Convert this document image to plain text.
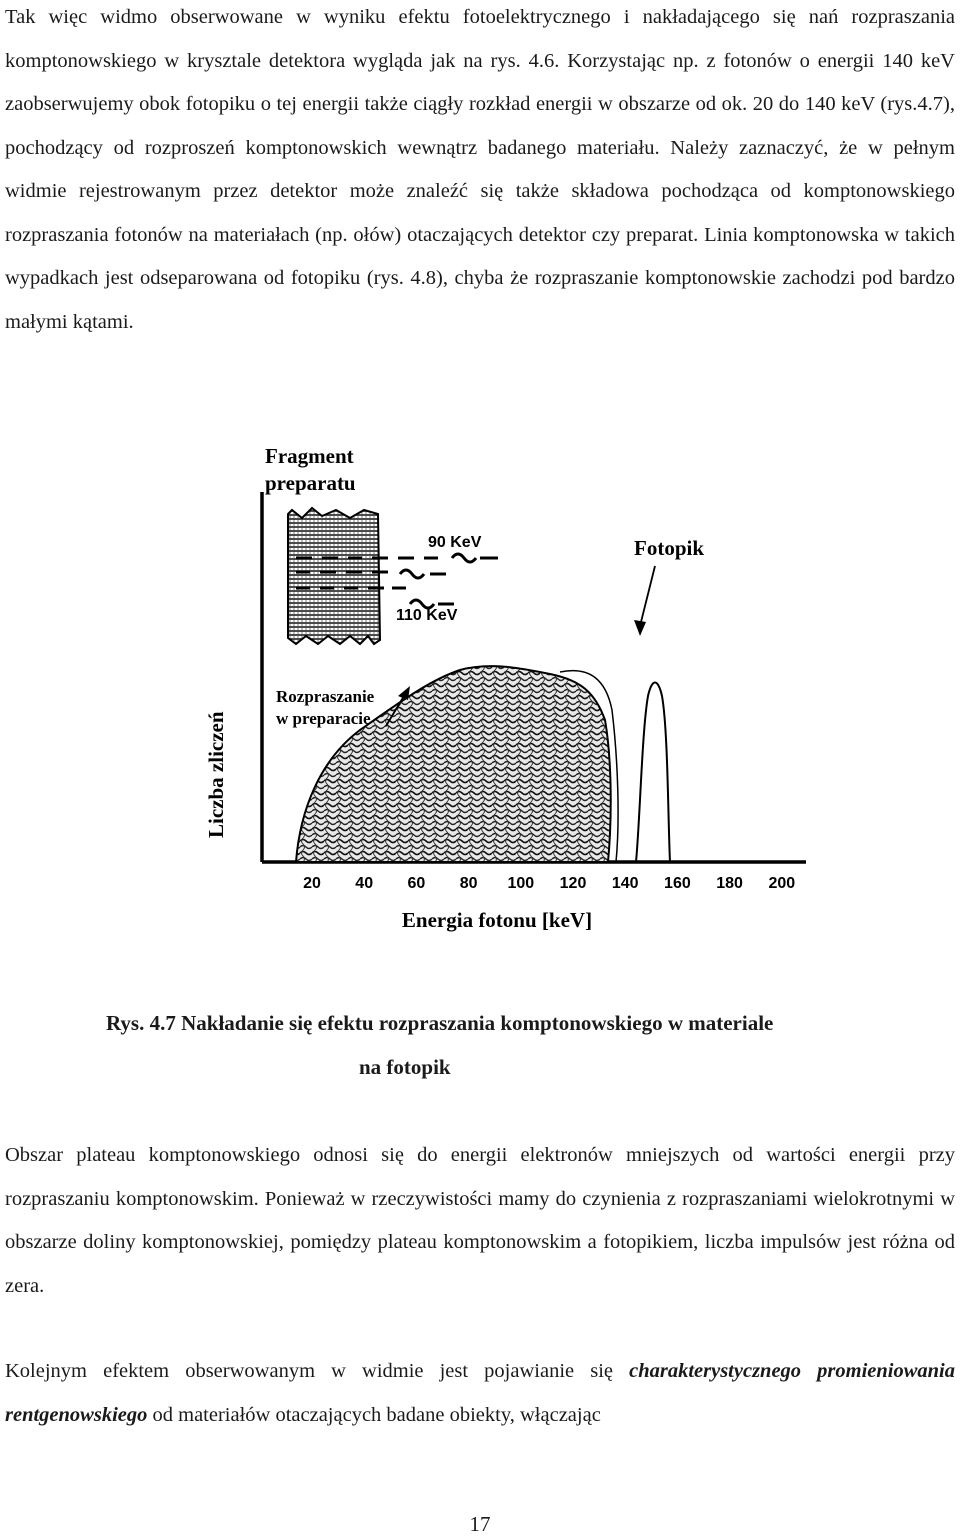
Tak więc widmo obserwowane w wyniku efektu fotoelektrycznego i nakładającego się nań rozpraszania komptonowskiego w krysztale detektora wygląda jak na rys. 4.6. Korzystając np. z fotonów o energii 140 keV zaobserwujemy obok fotopiku o tej energii także ciągły rozkład energii w obszarze od ok. 20 do 140 keV (rys.4.7), pochodzący od rozproszeń komptonowskich wewnątrz badanego materiału. Należy zaznaczyć, że w pełnym widmie rejestrowanym przez detektor może znaleźć się także składowa pochodząca od komptonowskiego rozpraszania fotonów na materiałach (np. ołów) otaczających detektor czy preparat. Linia komptonowska w takich wypadkach jest odseparowana od fotopiku (rys. 4.8), chyba że rozpraszanie komptonowskie zachodzi pod bardzo małymi kątami.

Fragment
preparatu
Fotopik
90 KeV
110 KeV
Rozpraszanie
w preparacie
Liczba zliczeń
20 40 60 80 100 120 140 160 180 200
Energia fotonu [keV]

Rys. 4.7 Nakładanie się efektu rozpraszania komptonowskiego w materiale

na fotopik

Obszar plateau komptonowskiego odnosi się do energii elektronów mniejszych od wartości energii przy rozpraszaniu komptonowskim. Ponieważ w rzeczywistości mamy do czynienia z rozpraszaniami wielokrotnymi w obszarze doliny komptonowskiej, pomiędzy plateau komptonowskim a fotopikiem, liczba impulsów jest różna od zera.

Kolejnym efektem obserwowanym w widmie jest pojawianie się charakterystycznego promieniowania rentgenowskiego od materiałów otaczających badane obiekty, włączając

17
